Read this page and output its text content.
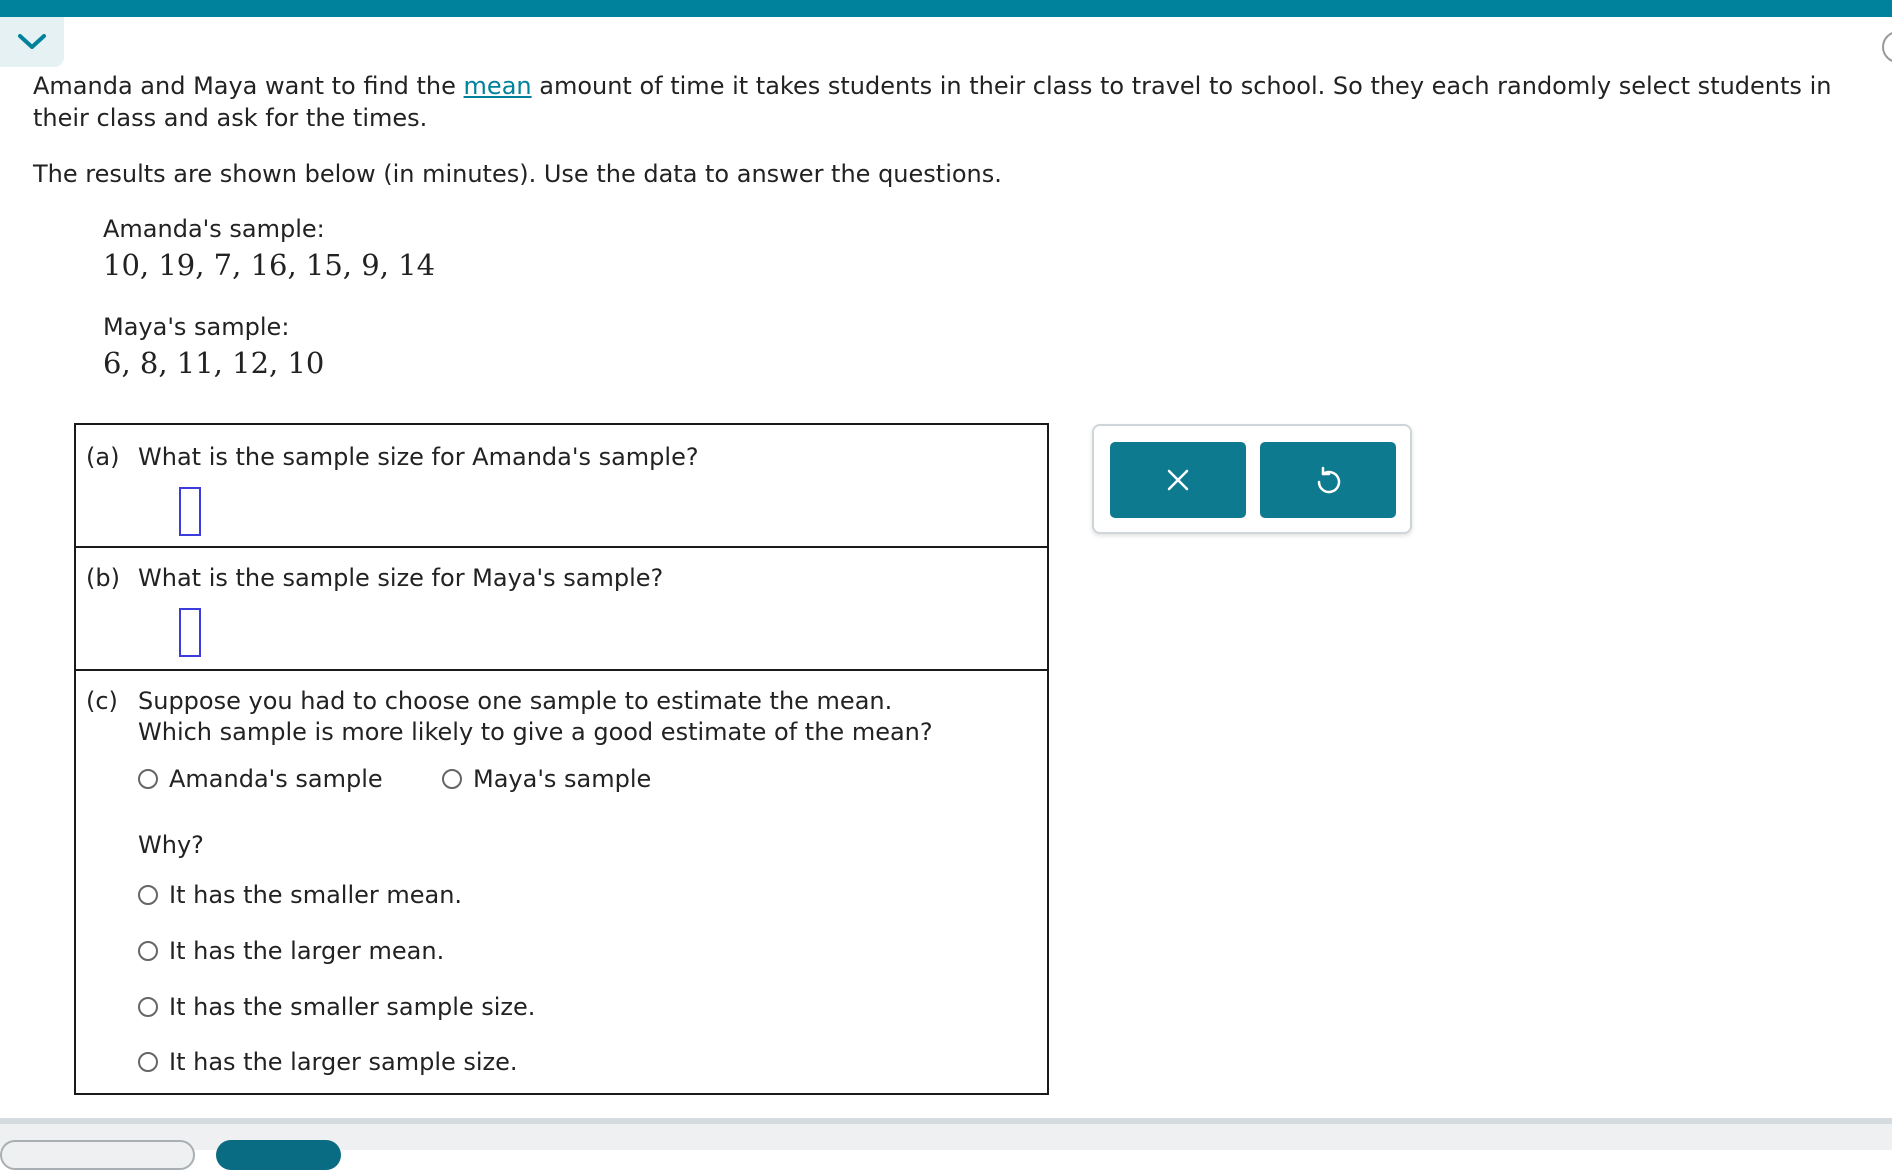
Amanda and Maya want to find the mean amount of time it takes students in their class to travel to school. So they each randomly select students in their class and ask for the times.

The results are shown below (in minutes). Use the data to answer the questions.

Amanda's sample:
10, 19, 7, 16, 15, 9, 14
Maya's sample:
6, 8, 11, 12, 10
(a) What is the sample size for Amanda's sample?
(b) What is the sample size for Maya's sample?
(c) Suppose you had to choose one sample to estimate the mean.
Which sample is more likely to give a good estimate of the mean?
Amanda's sample	Maya's sample
Why?
It has the smaller mean.
It has the larger mean.
It has the smaller sample size.
It has the larger sample size.
